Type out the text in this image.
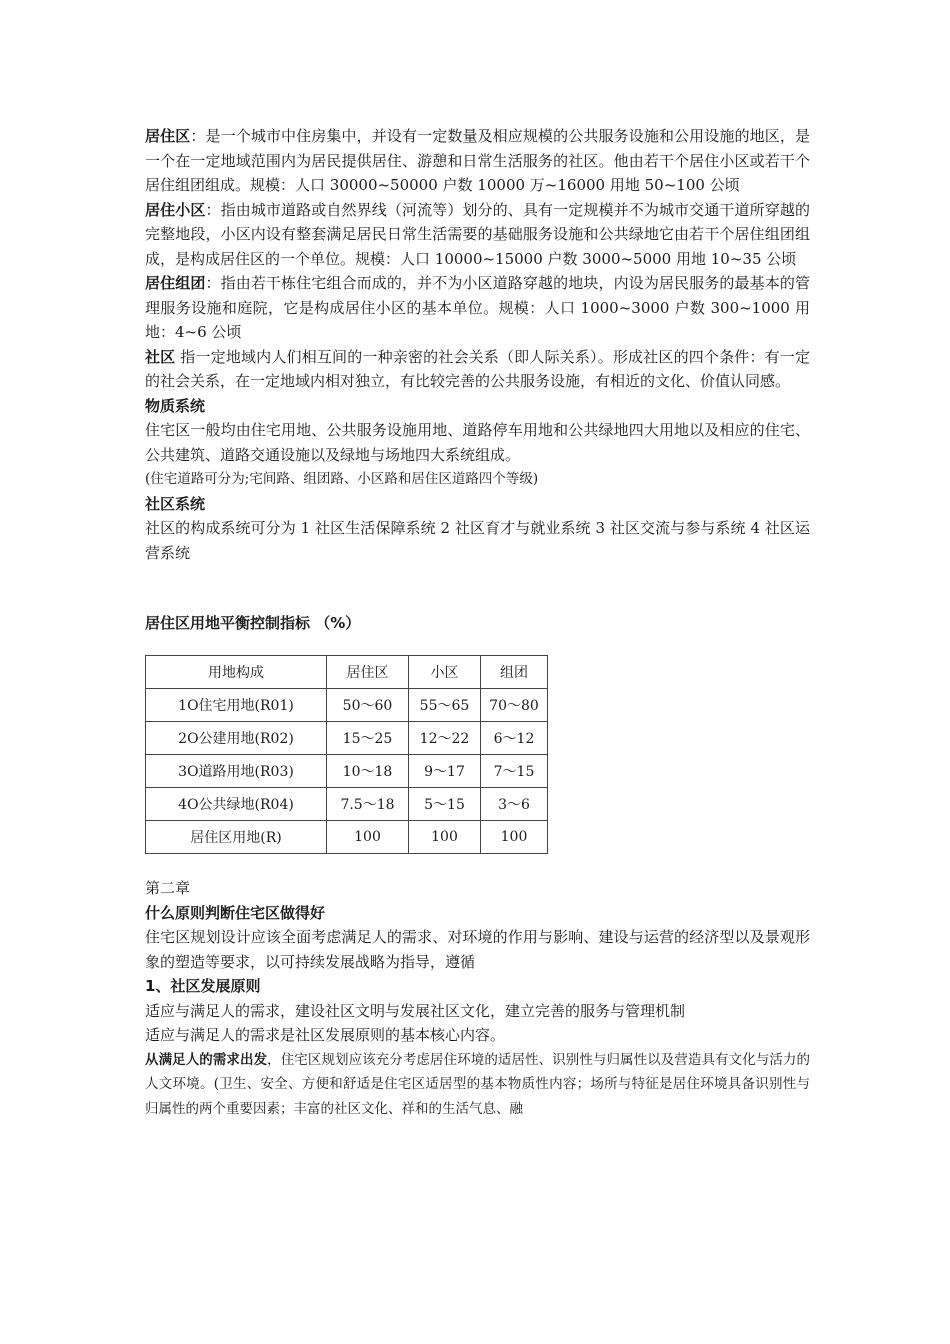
居住区：是一个城市中住房集中，并设有一定数量及相应规模的公共服务设施和公用设施的地区，是一个在一定地域范围内为居民提供居住、游憩和日常生活服务的社区。他由若干个居住小区或若干个居住组团组成。规模：人口 30000~50000 户数 10000 万~16000 用地 50~100 公顷

居住小区：指由城市道路或自然界线（河流等）划分的、具有一定规模并不为城市交通干道所穿越的完整地段，小区内设有整套满足居民日常生活需要的基础服务设施和公共绿地它由若干个居住组团组成，是构成居住区的一个单位。规模：人口 10000~15000 户数 3000~5000 用地 10~35 公顷

居住组团：指由若干栋住宅组合而成的，并不为小区道路穿越的地块，内设为居民服务的最基本的管理服务设施和庭院，它是构成居住小区的基本单位。规模：人口 1000~3000 户数 300~1000 用地：4~6 公顷

社区 指一定地域内人们相互间的一种亲密的社会关系（即人际关系）。形成社区的四个条件：有一定的社会关系，在一定地域内相对独立，有比较完善的公共服务设施，有相近的文化、价值认同感。

物质系统

住宅区一般均由住宅用地、公共服务设施用地、道路停车用地和公共绿地四大用地以及相应的住宅、公共建筑、道路交通设施以及绿地与场地四大系统组成。

(住宅道路可分为;宅间路、组团路、小区路和居住区道路四个等级)

社区系统

社区的构成系统可分为 1 社区生活保障系统 2 社区育才与就业系统 3 社区交流与参与系统 4 社区运营系统

居住区用地平衡控制指标 （%）
用地构成	居住区	小区	组团
1O住宅用地(R01)	50～60	55～65	70～80
2O公建用地(R02)	15～25	12～22	6～12
3O道路用地(R03)	10～18	9～17	7～15
4O公共绿地(R04)	7.5～18	5～15	3～6
居住区用地(R)	100	100	100

第二章

什么原则判断住宅区做得好

住宅区规划设计应该全面考虑满足人的需求、对环境的作用与影响、建设与运营的经济型以及景观形象的塑造等要求，以可持续发展战略为指导，遵循

1、社区发展原则

适应与满足人的需求，建设社区文明与发展社区文化，建立完善的服务与管理机制

适应与满足人的需求是社区发展原则的基本核心内容。

从满足人的需求出发，住宅区规划应该充分考虑居住环境的适居性、识别性与归属性以及营造具有文化与活力的人文环境。(卫生、安全、方便和舒适是住宅区适居型的基本物质性内容；场所与特征是居住环境具备识别性与归属性的两个重要因素；丰富的社区文化、祥和的生活气息、融
